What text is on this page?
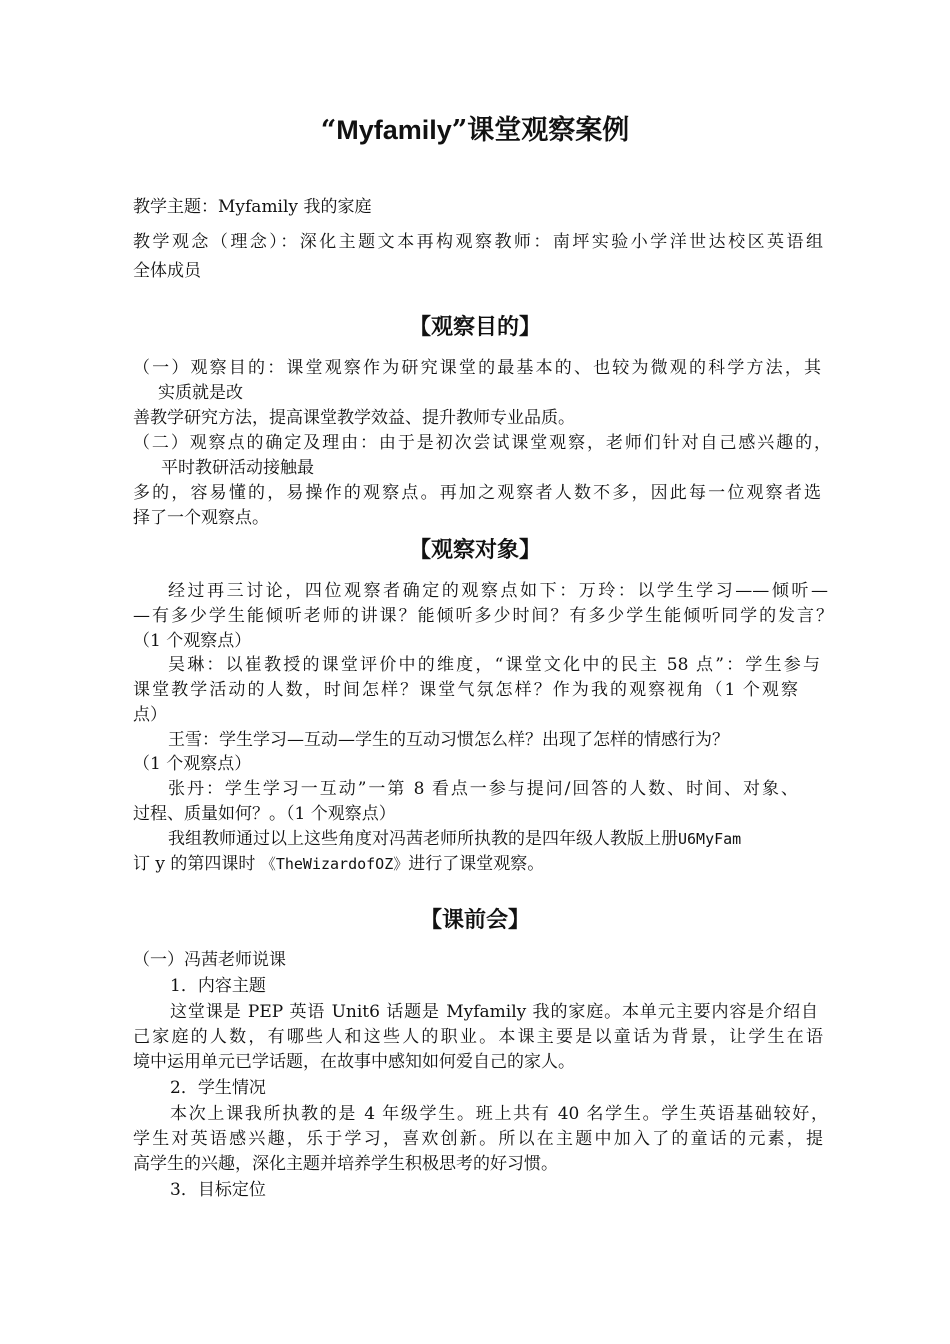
“Myfamily”课堂观察案例

教学主题：Myfamily 我的家庭

教学观念（理念）：深化主题文本再构观察教师：南坪实验小学洋世达校区英语组

全体成员

【观察目的】

（一）观察目的：课堂观察作为研究课堂的最基本的、也较为微观的科学方法，其

实质就是改

善教学研究方法，提高课堂教学效益、提升教师专业品质。

（二）观察点的确定及理由：由于是初次尝试课堂观察，老师们针对自己感兴趣的，

平时教研活动接触最

多的，容易懂的，易操作的观察点。再加之观察者人数不多，因此每一位观察者选

择了一个观察点。

【观察对象】

经过再三讨论，四位观察者确定的观察点如下：万玲：以学生学习——倾听—

—有多少学生能倾听老师的讲课？能倾听多少时间？有多少学生能倾听同学的发言？

（1 个观察点）

吴琳：以崔教授的课堂评价中的维度，“课堂文化中的民主 58 点”：学生参与

课堂教学活动的人数，时间怎样？课堂气氛怎样？作为我的观察视角（1 个观察

点）

王雪：学生学习—互动—学生的互动习惯怎么样？出现了怎样的情感行为？

（1 个观察点）

张丹：学生学习一互动”一第 8 看点一参与提问/回答的人数、时间、对象、

过程、质量如何？。（1 个观察点）

我组教师通过以上这些角度对冯茜老师所执教的是四年级人教版上册U6MyFam

订 y 的第四课时 《TheWizardofOZ》进行了课堂观察。

【课前会】

（一）冯茜老师说课

1．内容主题

这堂课是 PEP 英语 Unit6 话题是 Myfamily 我的家庭。本单元主要内容是介绍自

己家庭的人数，有哪些人和这些人的职业。本课主要是以童话为背景，让学生在语

境中运用单元已学话题，在故事中感知如何爱自己的家人。

2．学生情况

本次上课我所执教的是 4 年级学生。班上共有 40 名学生。学生英语基础较好，

学生对英语感兴趣，乐于学习，喜欢创新。所以在主题中加入了的童话的元素，提

高学生的兴趣，深化主题并培养学生积极思考的好习惯。

3．目标定位
